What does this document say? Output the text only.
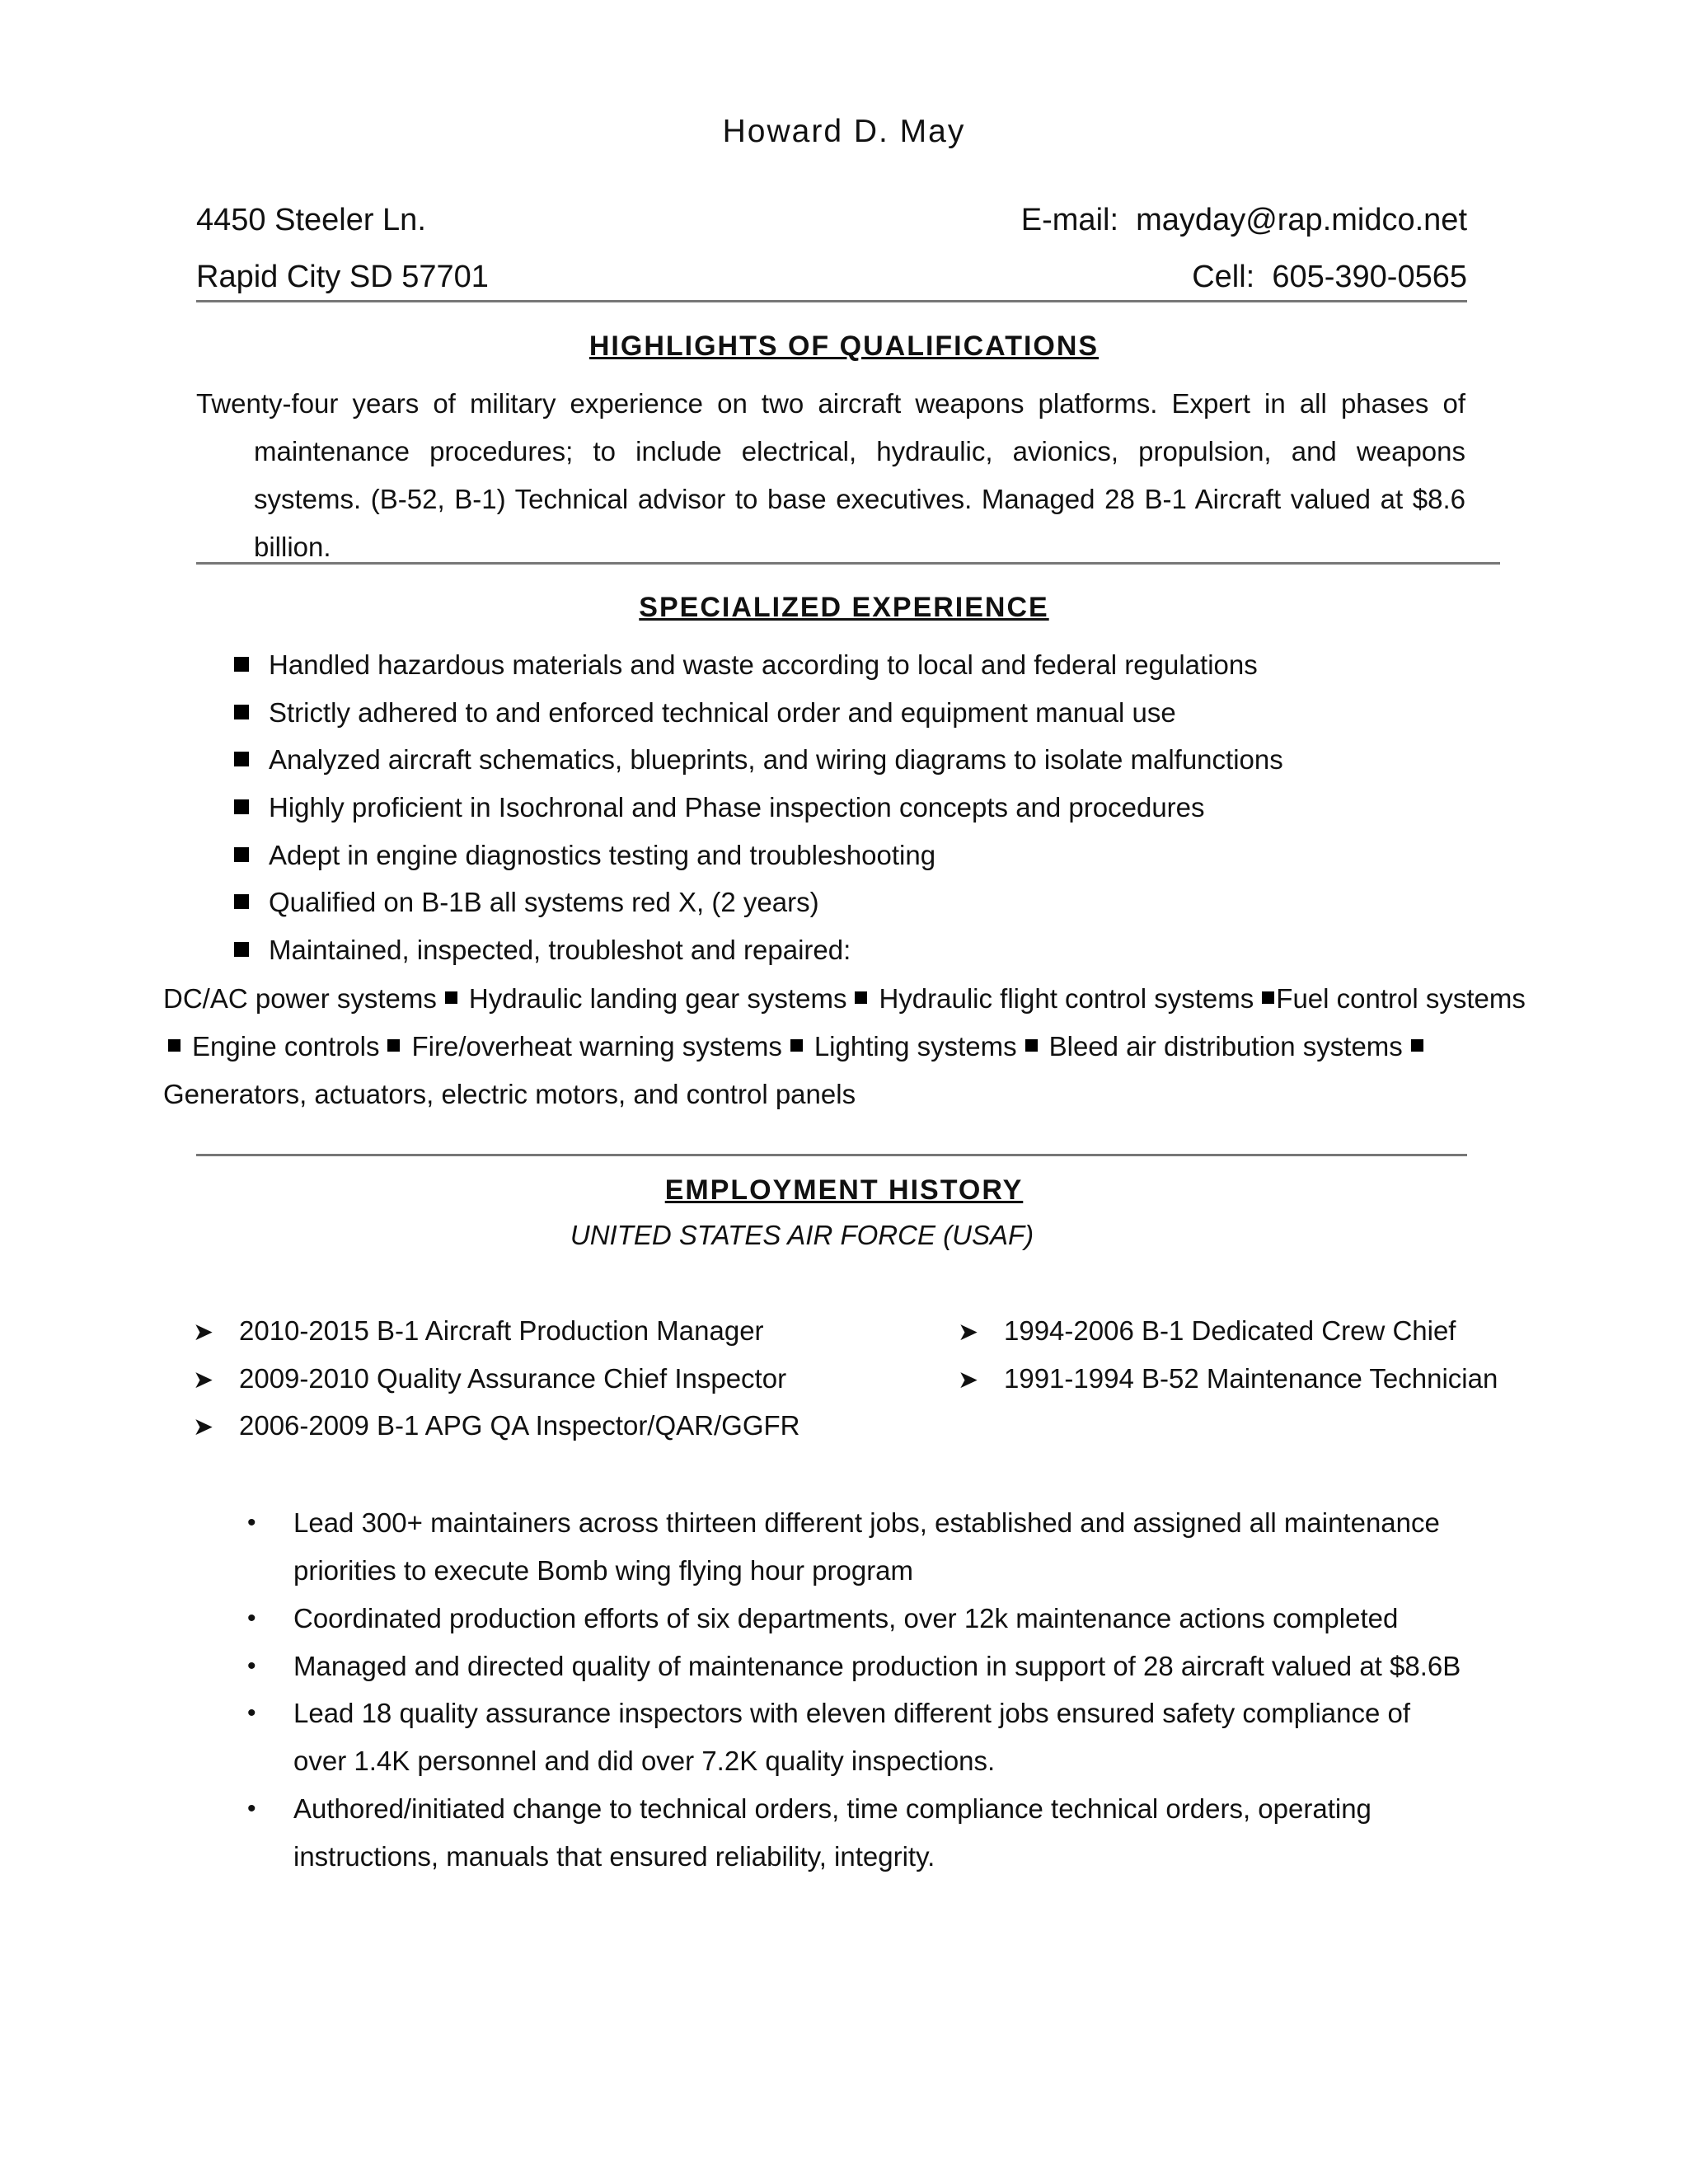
Howard D. May
4450 Steeler Ln.
Rapid City SD 57701
E-mail: mayday@rap.midco.net
Cell: 605-390-0565
HIGHLIGHTS OF QUALIFICATIONS
Twenty-four years of military experience on two aircraft weapons platforms. Expert in all phases of
maintenance procedures; to include electrical, hydraulic, avionics, propulsion, and weapons
systems. (B-52, B-1) Technical advisor to base executives. Managed 28 B-1 Aircraft valued at $8.6
billion.
SPECIALIZED EXPERIENCE
Handled hazardous materials and waste according to local and federal regulations
Strictly adhered to and enforced technical order and equipment manual use
Analyzed aircraft schematics, blueprints, and wiring diagrams to isolate malfunctions
Highly proficient in Isochronal and Phase inspection concepts and procedures
Adept in engine diagnostics testing and troubleshooting
Qualified on B-1B all systems red X, (2 years)
Maintained, inspected, troubleshot and repaired:
DC/AC power systems Hydraulic landing gear systems Hydraulic flight control systems Fuel control systems
Engine controls Fire/overheat warning systems Lighting systems Bleed air distribution systems
Generators, actuators, electric motors, and control panels
EMPLOYMENT HISTORY
UNITED STATES AIR FORCE (USAF)
➤ 2010-2015 B-1 Aircraft Production Manager
➤ 2009-2010 Quality Assurance Chief Inspector
➤ 2006-2009 B-1 APG QA Inspector/QAR/GGFR
➤ 1994-2006 B-1 Dedicated Crew Chief
➤ 1991-1994 B-52 Maintenance Technician
• Lead 300+ maintainers across thirteen different jobs, established and assigned all maintenance
priorities to execute Bomb wing flying hour program
• Coordinated production efforts of six departments, over 12k maintenance actions completed
• Managed and directed quality of maintenance production in support of 28 aircraft valued at $8.6B
• Lead 18 quality assurance inspectors with eleven different jobs ensured safety compliance of
over 1.4K personnel and did over 7.2K quality inspections.
• Authored/initiated change to technical orders, time compliance technical orders, operating
instructions, manuals that ensured reliability, integrity.
